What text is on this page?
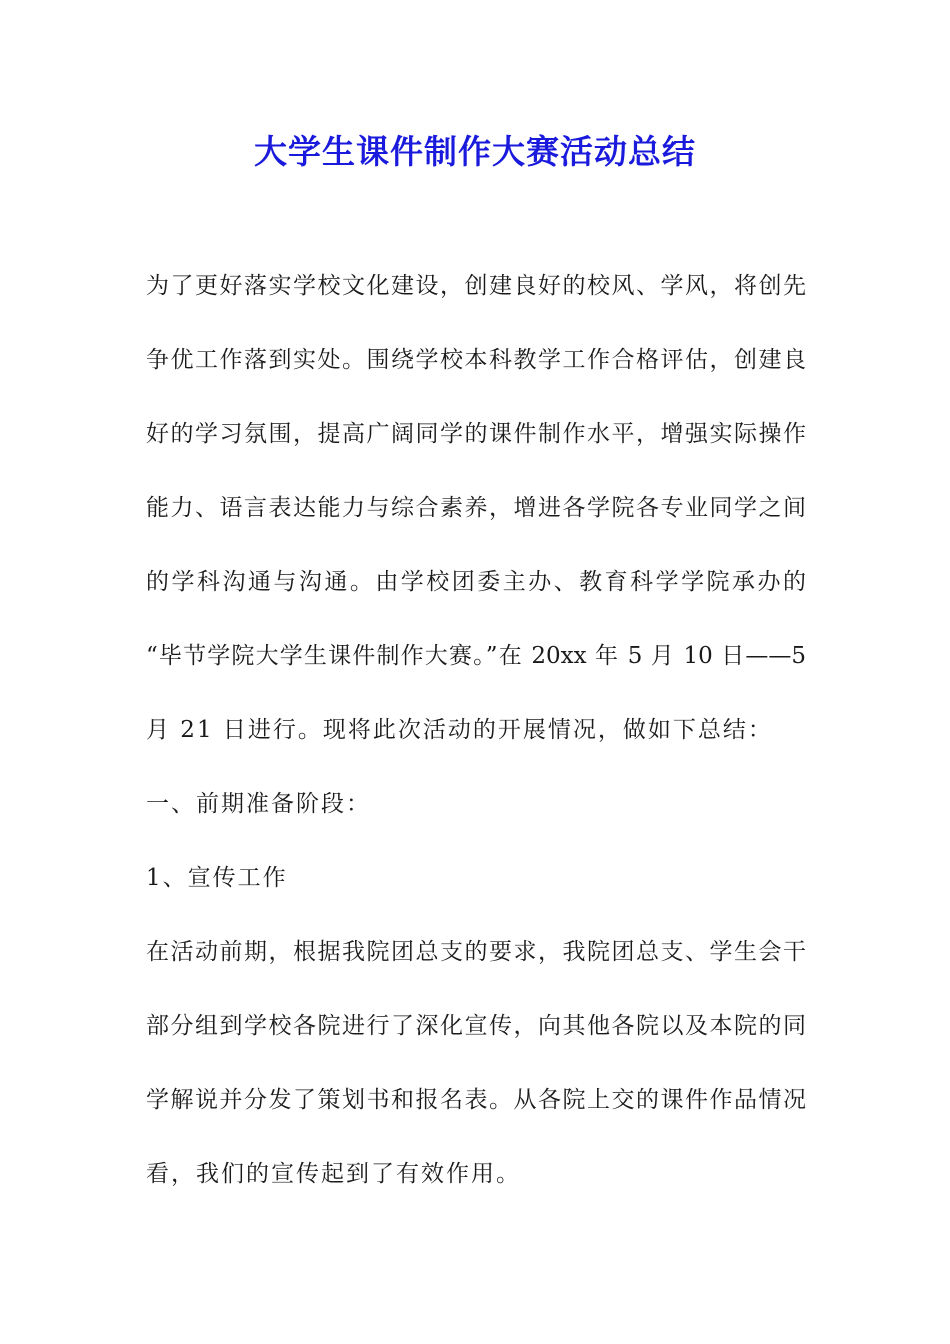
大学生课件制作大赛活动总结
为了更好落实学校文化建设，创建良好的校风、学风，将创先
争优工作落到实处。围绕学校本科教学工作合格评估，创建良
好的学习氛围，提高广阔同学的课件制作水平，增强实际操作
能力、语言表达能力与综合素养，增进各学院各专业同学之间
的学科沟通与沟通。由学校团委主办、教育科学学院承办的
“毕节学院大学生课件制作大赛。”在 20xx 年 5 月 10 日——5
月 21 日进行。现将此次活动的开展情况，做如下总结：
一、前期准备阶段：
1、宣传工作
在活动前期，根据我院团总支的要求，我院团总支、学生会干
部分组到学校各院进行了深化宣传，向其他各院以及本院的同
学解说并分发了策划书和报名表。从各院上交的课件作品情况
看，我们的宣传起到了有效作用。
